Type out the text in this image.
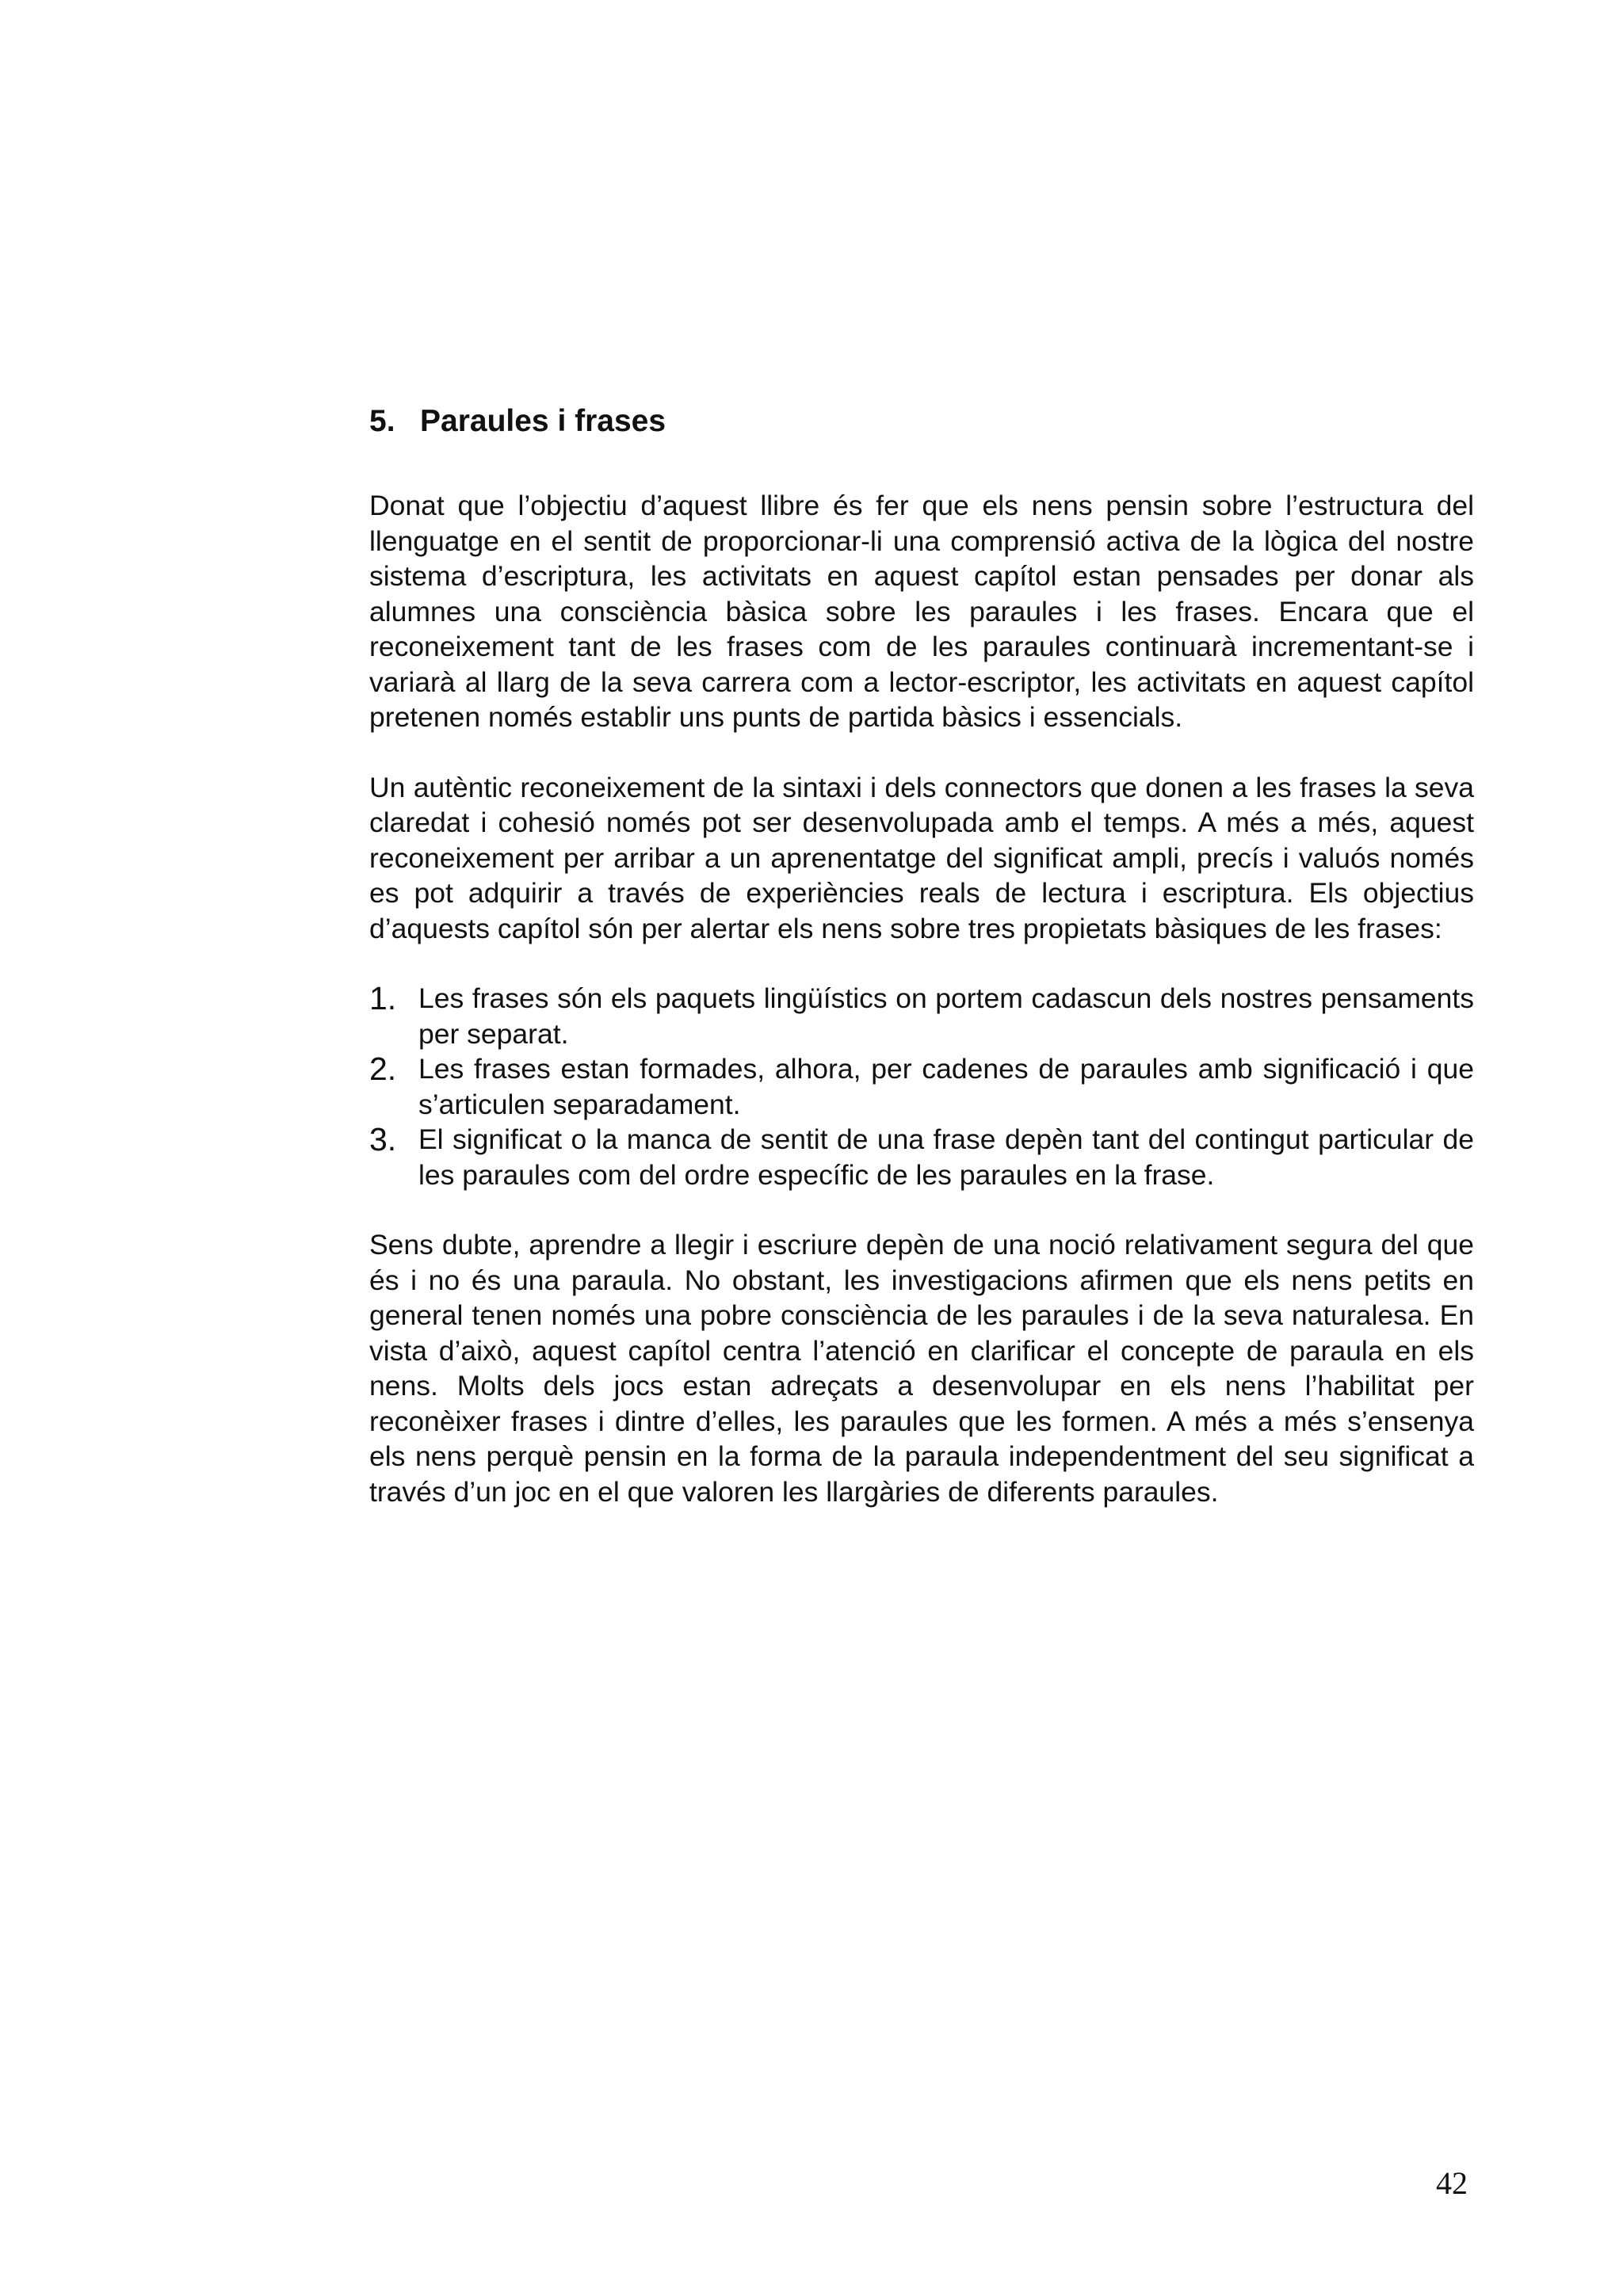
5. Paraules i frases

Donat que l’objectiu d’aquest llibre és fer que els nens pensin sobre l’estructura del llenguatge en el sentit de proporcionar-li una comprensió activa de la lògica del nostre sistema d’escriptura, les activitats en aquest capítol estan pensades per donar als alumnes una consciència bàsica sobre les paraules i les frases. Encara que el reconeixement tant de les frases com de les paraules continuarà incrementant-se i variarà al llarg de la seva carrera com a lector-escriptor, les activitats en aquest capítol pretenen només establir uns punts de partida bàsics i essencials.

Un autèntic reconeixement de la sintaxi i dels connectors que donen a les frases la seva claredat i cohesió només pot ser desenvolupada amb el temps. A més a més, aquest reconeixement per arribar a un aprenentatge del significat ampli, precís i valuós només es pot adquirir a través de experiències reals de lectura i escriptura. Els objectius d’aquests capítol són per alertar els nens sobre tres propietats bàsiques de les frases:

1. Les frases són els paquets lingüístics on portem cadascun dels nostres pensaments per separat.
2. Les frases estan formades, alhora, per cadenes de paraules amb significació i que s’articulen separadament.
3. El significat o la manca de sentit de una frase depèn tant del contingut particular de les paraules com del ordre específic de les paraules en la frase.

Sens dubte, aprendre a llegir i escriure depèn de una noció relativament segura del que és i no és una paraula. No obstant, les investigacions afirmen que els nens petits en general tenen només una pobre consciència de les paraules i de la seva naturalesa. En vista d’això, aquest capítol centra l’atenció en clarificar el concepte de paraula en els nens. Molts dels jocs estan adreçats a desenvolupar en els nens l’habilitat per reconèixer frases i dintre d’elles, les paraules que les formen. A més a més s’ensenya els nens perquè pensin en la forma de la paraula independentment del seu significat a través d’un joc en el que valoren les llargàries de diferents paraules.

42
